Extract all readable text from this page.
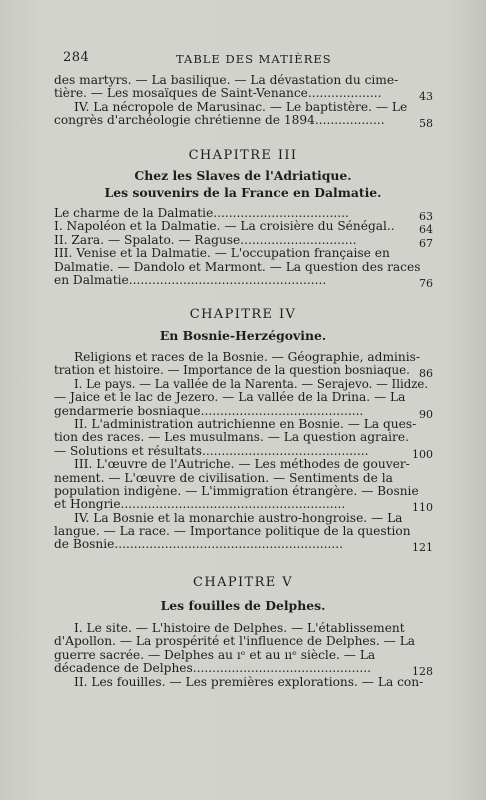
284	TABLE DES MATIÈRES
des martyrs. — La basilique. — La dévastation du cime-
tière. — Les mosaïques de Saint-Venance...................	43
IV. La nécropole de Marusinac. — Le baptistère. — Le
congrès d'archéologie chrétienne de 1894..................	58
CHAPITRE III
Chez les Slaves de l'Adriatique.
Les souvenirs de la France en Dalmatie.
Le charme de la Dalmatie...................................	63
I. Napoléon et la Dalmatie. — La croisière du Sénégal.. 64
II. Zara. — Spalato. — Raguse..............................	67
III. Venise et la Dalmatie. — L'occupation française en
Dalmatie. — Dandolo et Marmont. — La question des races
en Dalmatie...................................................	76
CHAPITRE IV
En Bosnie-Herzégovine.
Religions et races de la Bosnie. — Géographie, adminis-
tration et histoire. — Importance de la question bosniaque. 86
I. Le pays. — La vallée de la Narenta. — Serajevo. — Ilidze.
— Jaice et le lac de Jezero. — La vallée de la Drina. — La
gendarmerie bosniaque..........................................	90
II. L'administration autrichienne en Bosnie. — La ques-
tion des races. — Les musulmans. — La question agraire.
— Solutions et résultats...........................................	100
III. L'œuvre de l'Autriche. — Les méthodes de gouver-
nement. — L'œuvre de civilisation. — Sentiments de la
population indigène. — L'immigration étrangère. — Bosnie
et Hongrie..........................................................	110
IV. La Bosnie et la monarchie austro-hongroise. — La
langue. — La race. — Importance politique de la question
de Bosnie...........................................................	121
CHAPITRE V
Les fouilles de Delphes.
I. Le site. — L'histoire de Delphes. — L'établissement
d'Apollon. — La prospérité et l'influence de Delphes. — La
guerre sacrée. — Delphes au ıᵉ et au ııᵉ siècle. — La
décadence de Delphes..............................................	128
II. Les fouilles. — Les premières explorations. — La con-
